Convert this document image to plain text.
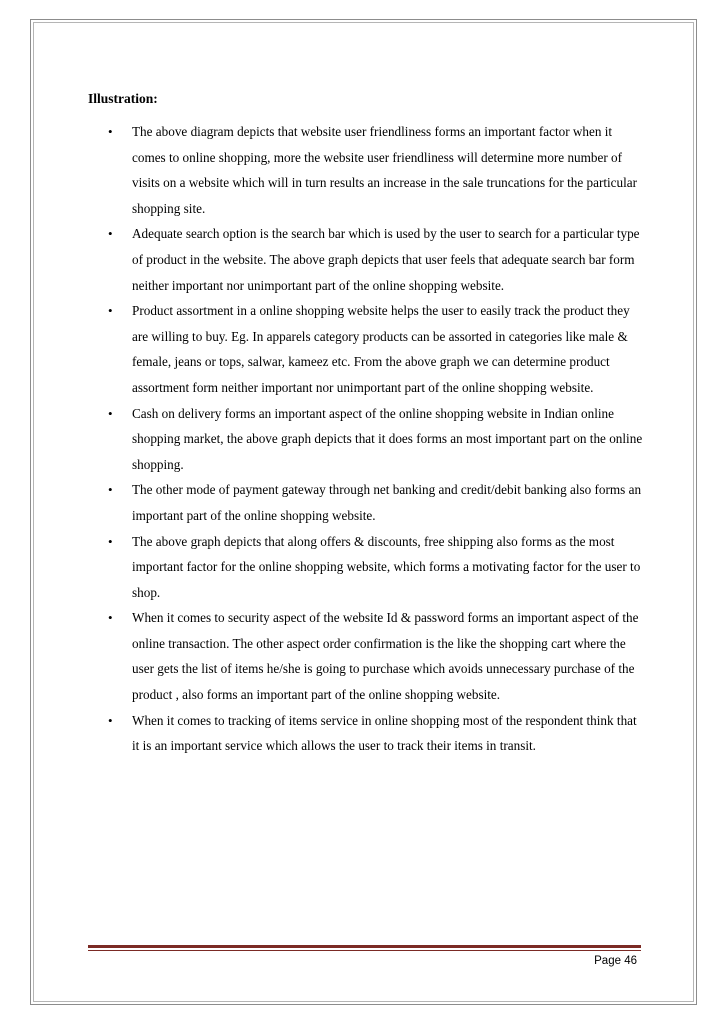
Illustration:

• The above diagram depicts that website user friendliness forms an important factor when it comes to online shopping, more the website user friendliness will determine more number of visits on a website which will in turn results an increase in the sale truncations for the particular shopping site.
• Adequate search option is the search bar which is used by the user to search for a particular type of product in the website. The above graph depicts that user feels that adequate search bar form neither important nor unimportant part of the online shopping website.
• Product assortment in a online shopping website helps the user to easily track the product they are willing to buy. Eg. In apparels category products can be assorted in categories like male & female, jeans or tops, salwar, kameez etc. From the above graph we can determine product assortment form neither important nor unimportant part of the online shopping website.
• Cash on delivery forms an important aspect of the online shopping website in Indian online shopping market, the above graph depicts that it does forms an most important part on the online shopping.
• The other mode of payment gateway through net banking and credit/debit banking also forms an important part of the online shopping website.
• The above graph depicts that along offers & discounts, free shipping also forms as the most important factor for the online shopping website, which forms a motivating factor for the user to shop.
• When it comes to security aspect of the website Id & password forms an important aspect of the online transaction. The other aspect order confirmation is the like the shopping cart where the user gets the list of items he/she is going to purchase which avoids unnecessary purchase of the product , also forms an important part of the online shopping website.
• When it comes to tracking of items service in online shopping most of the respondent think that it is an important service which allows the user to track their items in transit.

Page 46
